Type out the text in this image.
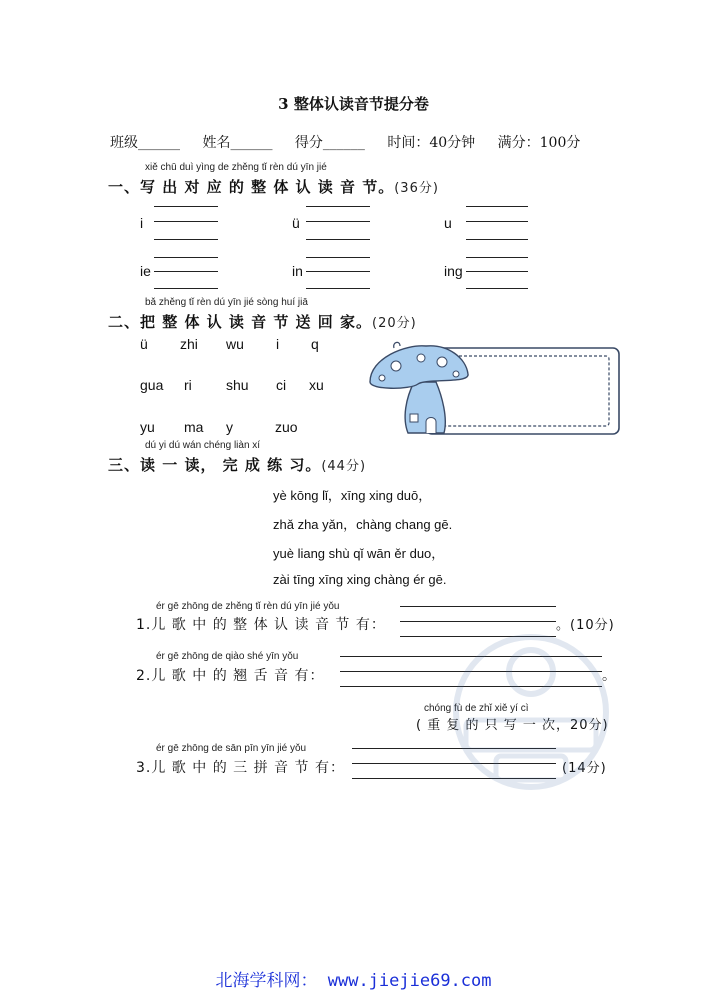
3 整体认读音节提分卷
班级______ 姓名______ 得分______ 时间：40分钟 满分：100分
xiě chū duì yìng de zhěng tǐ rèn dú yīn jié
一、写 出 对 应 的 整 体 认 读 音 节。(36分)
i	ü	u
ie	in	ing
bǎ zhěng tǐ rèn dú yīn jié sòng huí jiā
二、把 整 体 认 读 音 节 送 回 家。(20分)
ü zhi wu i q
gua ri shu ci xu
yu ma y	zuo
dú yi dú wán chéng liàn xí
三、读 一 读， 完 成 练 习。(44分)
yè kōng lǐ，xīng xing duō，
zhǎ zha yǎn，chàng chang gē.
yuè liang shù qǐ wān ěr duo，
zài tīng xīng xing chàng ér gē.
ér gē zhōng de zhěng tǐ rèn dú yīn jié yǒu
1.儿 歌 中 的 整 体 认 读 音 节 有：	。(10分)
ér gē zhōng de qiào shé yīn yǒu
2.儿 歌 中 的 翘 舌 音 有：	。
chóng fù de zhǐ xiě yí cì
( 重 复 的 只 写 一 次，20分)
ér gē zhōng de sān pīn yīn jié yǒu
3.儿 歌 中 的 三 拼 音 节 有：	(14分)
北海学科网： www.jiejie69.com
